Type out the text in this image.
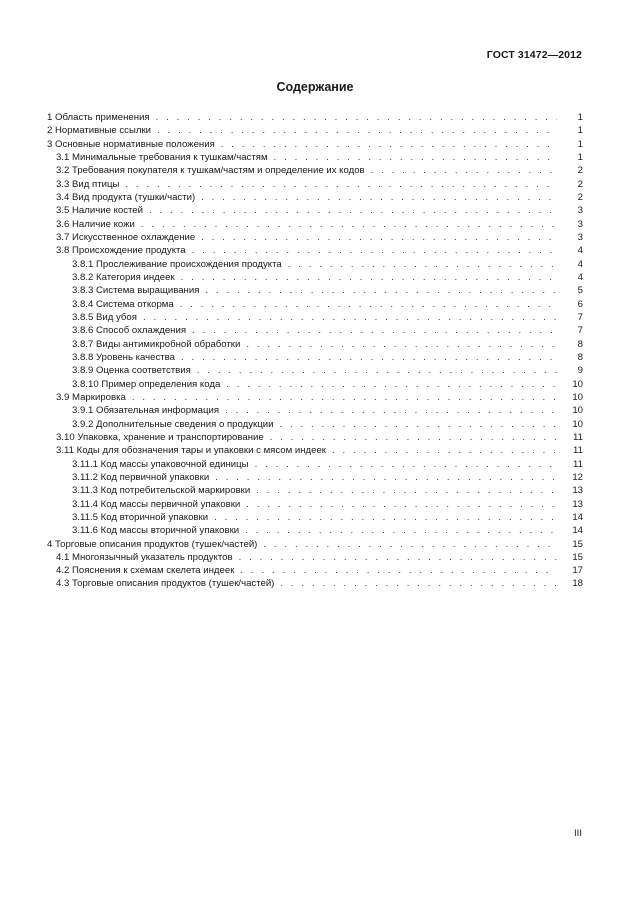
ГОСТ 31472—2012
Содержание
1 Область применения . . .	1
2 Нормативные ссылки . . .	1
3 Основные нормативные положения . . .	1
3.1 Минимальные требования к тушкам/частям . . .	1
3.2 Требования покупателя к тушкам/частям и определение их кодов . . .	2
3.3 Вид птицы . . .	2
3.4 Вид продукта (тушки/части) . . .	2
3.5 Наличие костей . . .	3
3.6 Наличие кожи . . .	3
3.7 Искусственное охлаждение . . .	3
3.8 Происхождение продукта . . .	4
3.8.1 Прослеживание происхождения продукта . . .	4
3.8.2 Категория индеек . . .	4
3.8.3 Система выращивания . . .	5
3.8.4 Система откорма . . .	6
3.8.5 Вид убоя . . .	7
3.8.6 Способ охлаждения . . .	7
3.8.7 Виды антимикробной обработки . . .	8
3.8.8 Уровень качества . . .	8
3.8.9 Оценка соответствия . . .	9
3.8.10 Пример определения кода . . .	10
3.9 Маркировка . . .	10
3.9.1 Обязательная информация . . .	10
3.9.2 Дополнительные сведения о продукции . . .	10
3.10 Упаковка, хранение и транспортирование . . .	11
3.11 Коды для обозначения тары и упаковки с мясом индеек . . .	11
3.11.1 Код массы упаковочной единицы . . .	11
3.11.2 Код первичной упаковки . . .	12
3.11.3 Код потребительской маркировки . . .	13
3.11.4 Код массы первичной упаковки . . .	13
3.11.5 Код вторичной упаковки . . .	14
3.11.6 Код массы вторичной упаковки . . .	14
4 Торговые описания продуктов (тушек/частей) . . .	15
4.1 Многоязычный указатель продуктов . . .	15
4.2 Пояснения к схемам скелета индеек . . .	17
4.3 Торговые описания продуктов (тушек/частей) . . .	18
III
